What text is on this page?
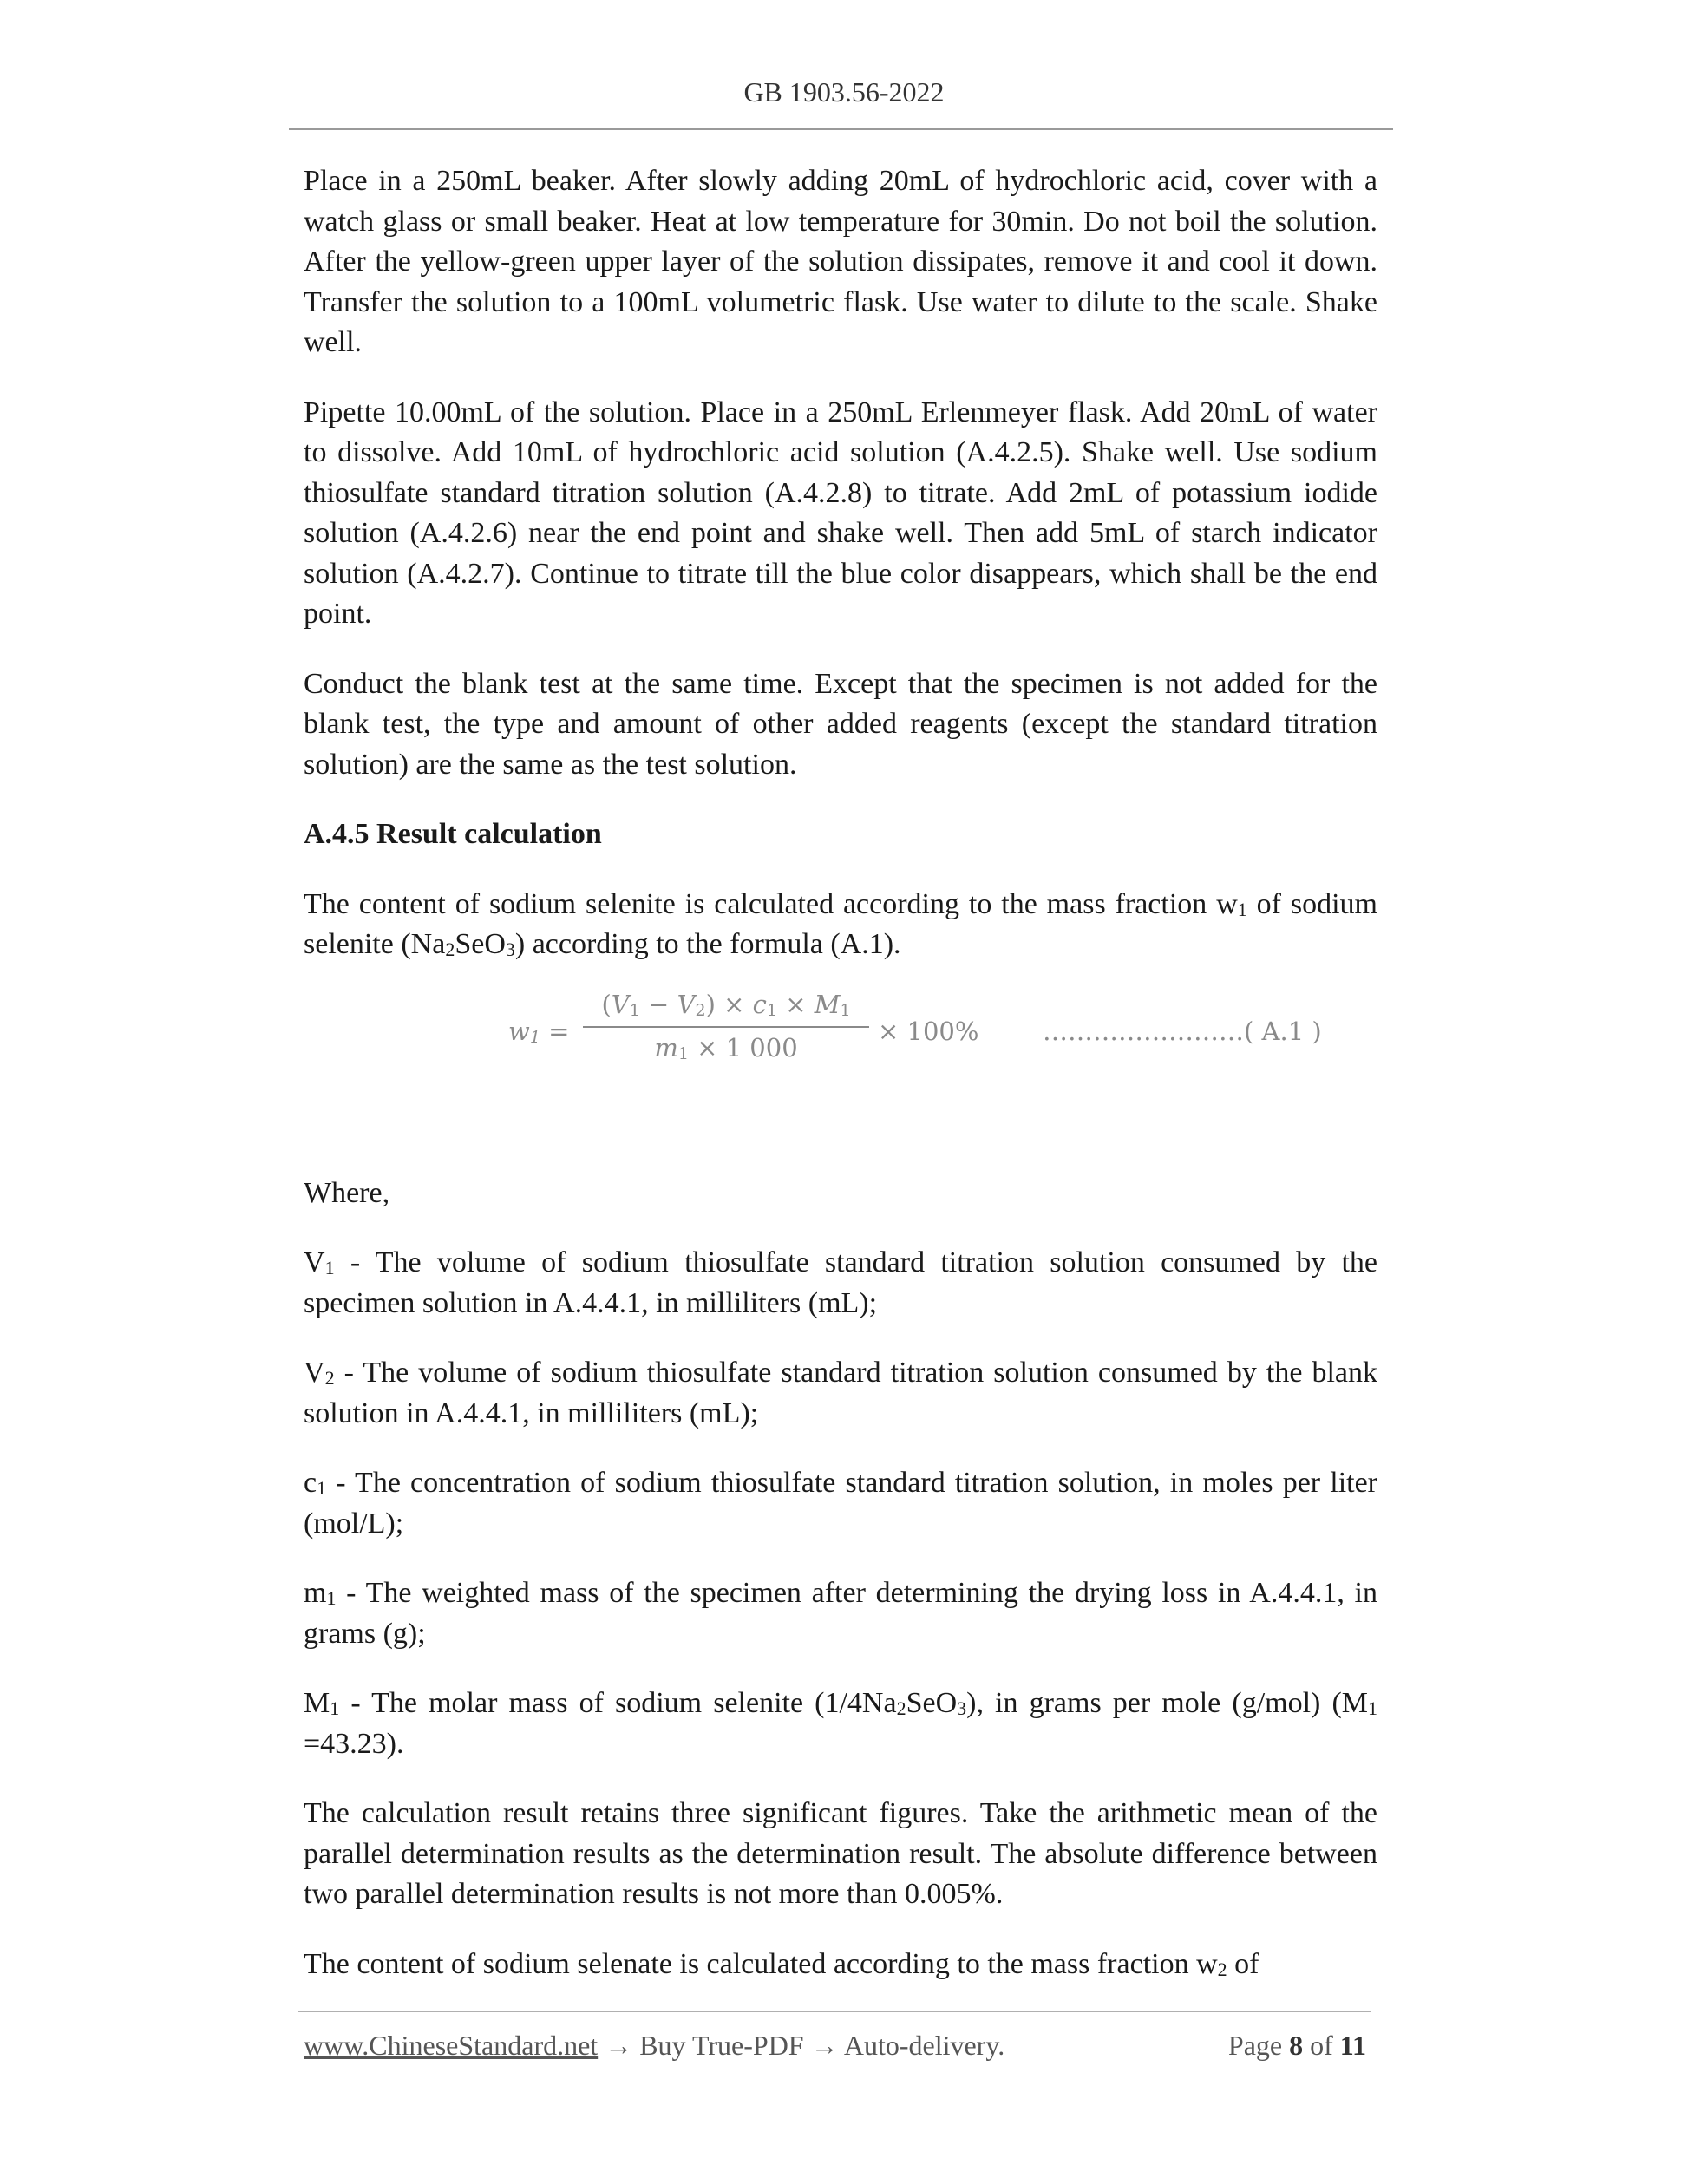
GB 1903.56-2022

Place in a 250mL beaker. After slowly adding 20mL of hydrochloric acid, cover with a watch glass or small beaker. Heat at low temperature for 30min. Do not boil the solution. After the yellow-green upper layer of the solution dissipates, remove it and cool it down. Transfer the solution to a 100mL volumetric flask. Use water to dilute to the scale. Shake well.

Pipette 10.00mL of the solution. Place in a 250mL Erlenmeyer flask. Add 20mL of water to dissolve. Add 10mL of hydrochloric acid solution (A.4.2.5). Shake well. Use sodium thiosulfate standard titration solution (A.4.2.8) to titrate. Add 2mL of potassium iodide solution (A.4.2.6) near the end point and shake well. Then add 5mL of starch indicator solution (A.4.2.7). Continue to titrate till the blue color disappears, which shall be the end point.

Conduct the blank test at the same time. Except that the specimen is not added for the blank test, the type and amount of other added reagents (except the standard titration solution) are the same as the test solution.

A.4.5 Result calculation

The content of sodium selenite is calculated according to the mass fraction $w_1$ of sodium selenite $(Na_2SeO_3)$ according to the formula (A.1).

$w_1$ =
$(V_1 - V_2) \times c_1 \times M_1$
$m_1 \times 1$ 000
× 100%	……………………( A.1 )

Where,

$V_1$ - The volume of sodium thiosulfate standard titration solution consumed by the specimen solution in A.4.4.1, in milliliters (mL);

$V_2$ - The volume of sodium thiosulfate standard titration solution consumed by the blank solution in A.4.4.1, in milliliters (mL);

$c_1$ - The concentration of sodium thiosulfate standard titration solution, in moles per liter (mol/L);

$m_1$ - The weighted mass of the specimen after determining the drying loss in A.4.4.1, in grams (g);

$M_1$ - The molar mass of sodium selenite $(1/4Na_2SeO_3)$, in grams per mole (g/mol) $(M_1 =43.23)$.

The calculation result retains three significant figures. Take the arithmetic mean of the parallel determination results as the determination result. The absolute difference between two parallel determination results is not more than 0.005%.

The content of sodium selenate is calculated according to the mass fraction $w_2$ of

www.ChineseStandard.net → Buy True-PDF → Auto-delivery.	Page 8 of 11
